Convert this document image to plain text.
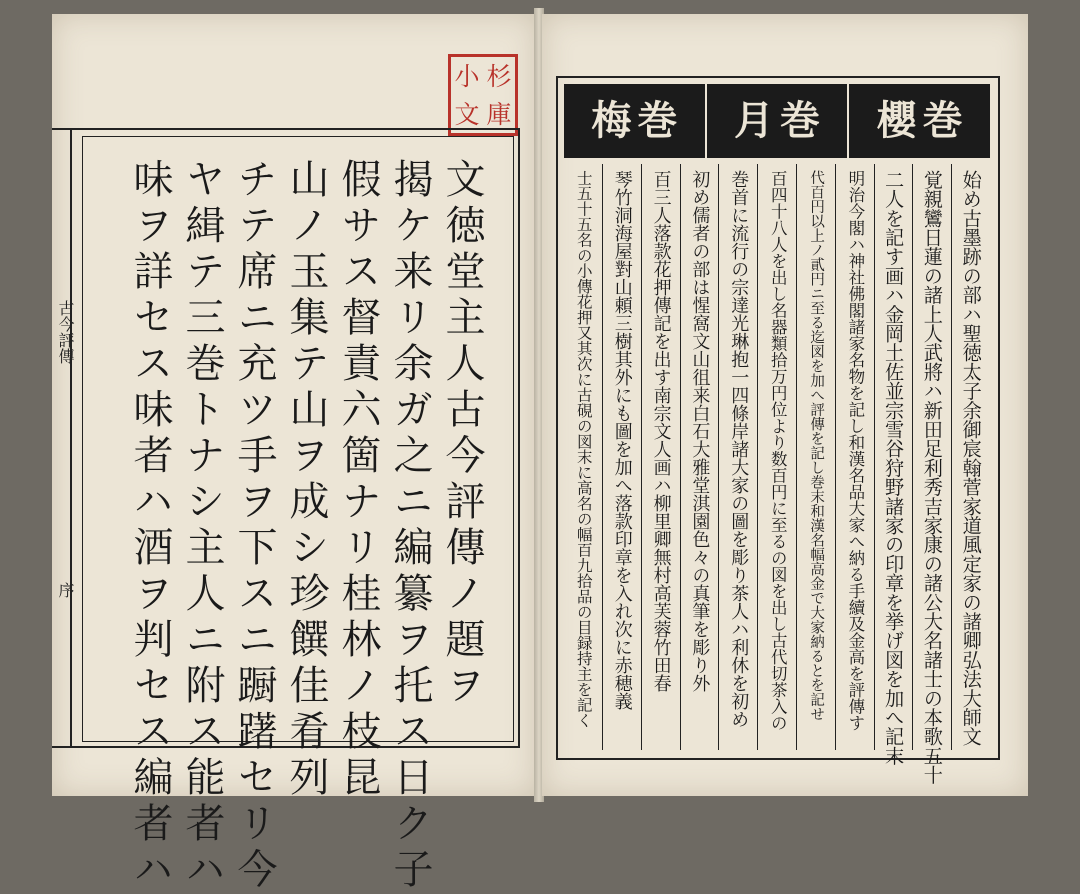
小 杉
文 庫
古今評傳
序	文徳堂主人古今評傳ノ題ヲ
揭ケ来リ余ガ之ニ編纂ヲ托ス日ク子
假サス督責六箇ナリ桂林ノ枝昆
山ノ玉集テ山ヲ成シ珍饌佳肴列
チテ席ニ充ツ手ヲ下スニ蹰躇セリ今
ヤ緝テ三巻トナシ主人ニ附ス能者ハ
味ヲ詳セス味者ハ酒ヲ判セス編者ハ
櫻 巻
月 巻
梅 巻
始め古墨跡の部ハ聖徳太子余御宸翰菅家道風定家の諸卿弘法大師文
覚親鸞日蓮の諸上人武將ハ新田足利秀吉家康の諸公大名諸士の本歌五十
二人を記す画ハ金岡土佐並宗雪谷狩野諸家の印章を挙げ図を加へ記末
明治今閣ハ神社佛閣諸家名物を記し和漢名品大家へ納る手續及金高を評傳す
代百円以上ノ貳円ニ至る迄図を加へ評傳を記し巻末和漢名幅高金で大家納るとを記せ
百四十八人を出し名器類拾万円位より数百円に至るの図を出し古代切茶入の
巻首に流行の宗達光琳抱一四條岸諸大家の圖を彫り茶人ハ利休を初め
初め儒者の部は惺窩文山徂来白石大雅堂淇園色々の真筆を彫り外
百三人落款花押傳記を出す南宗文人画ハ柳里卿無村高芙蓉竹田春
琴竹洞海屋對山頼三樹其外にも圖を加へ落款印章を入れ次に赤穂義
士五十五名の小傳花押又其次に古硯の図末に高名の幅百九拾品の目録持主を記く
